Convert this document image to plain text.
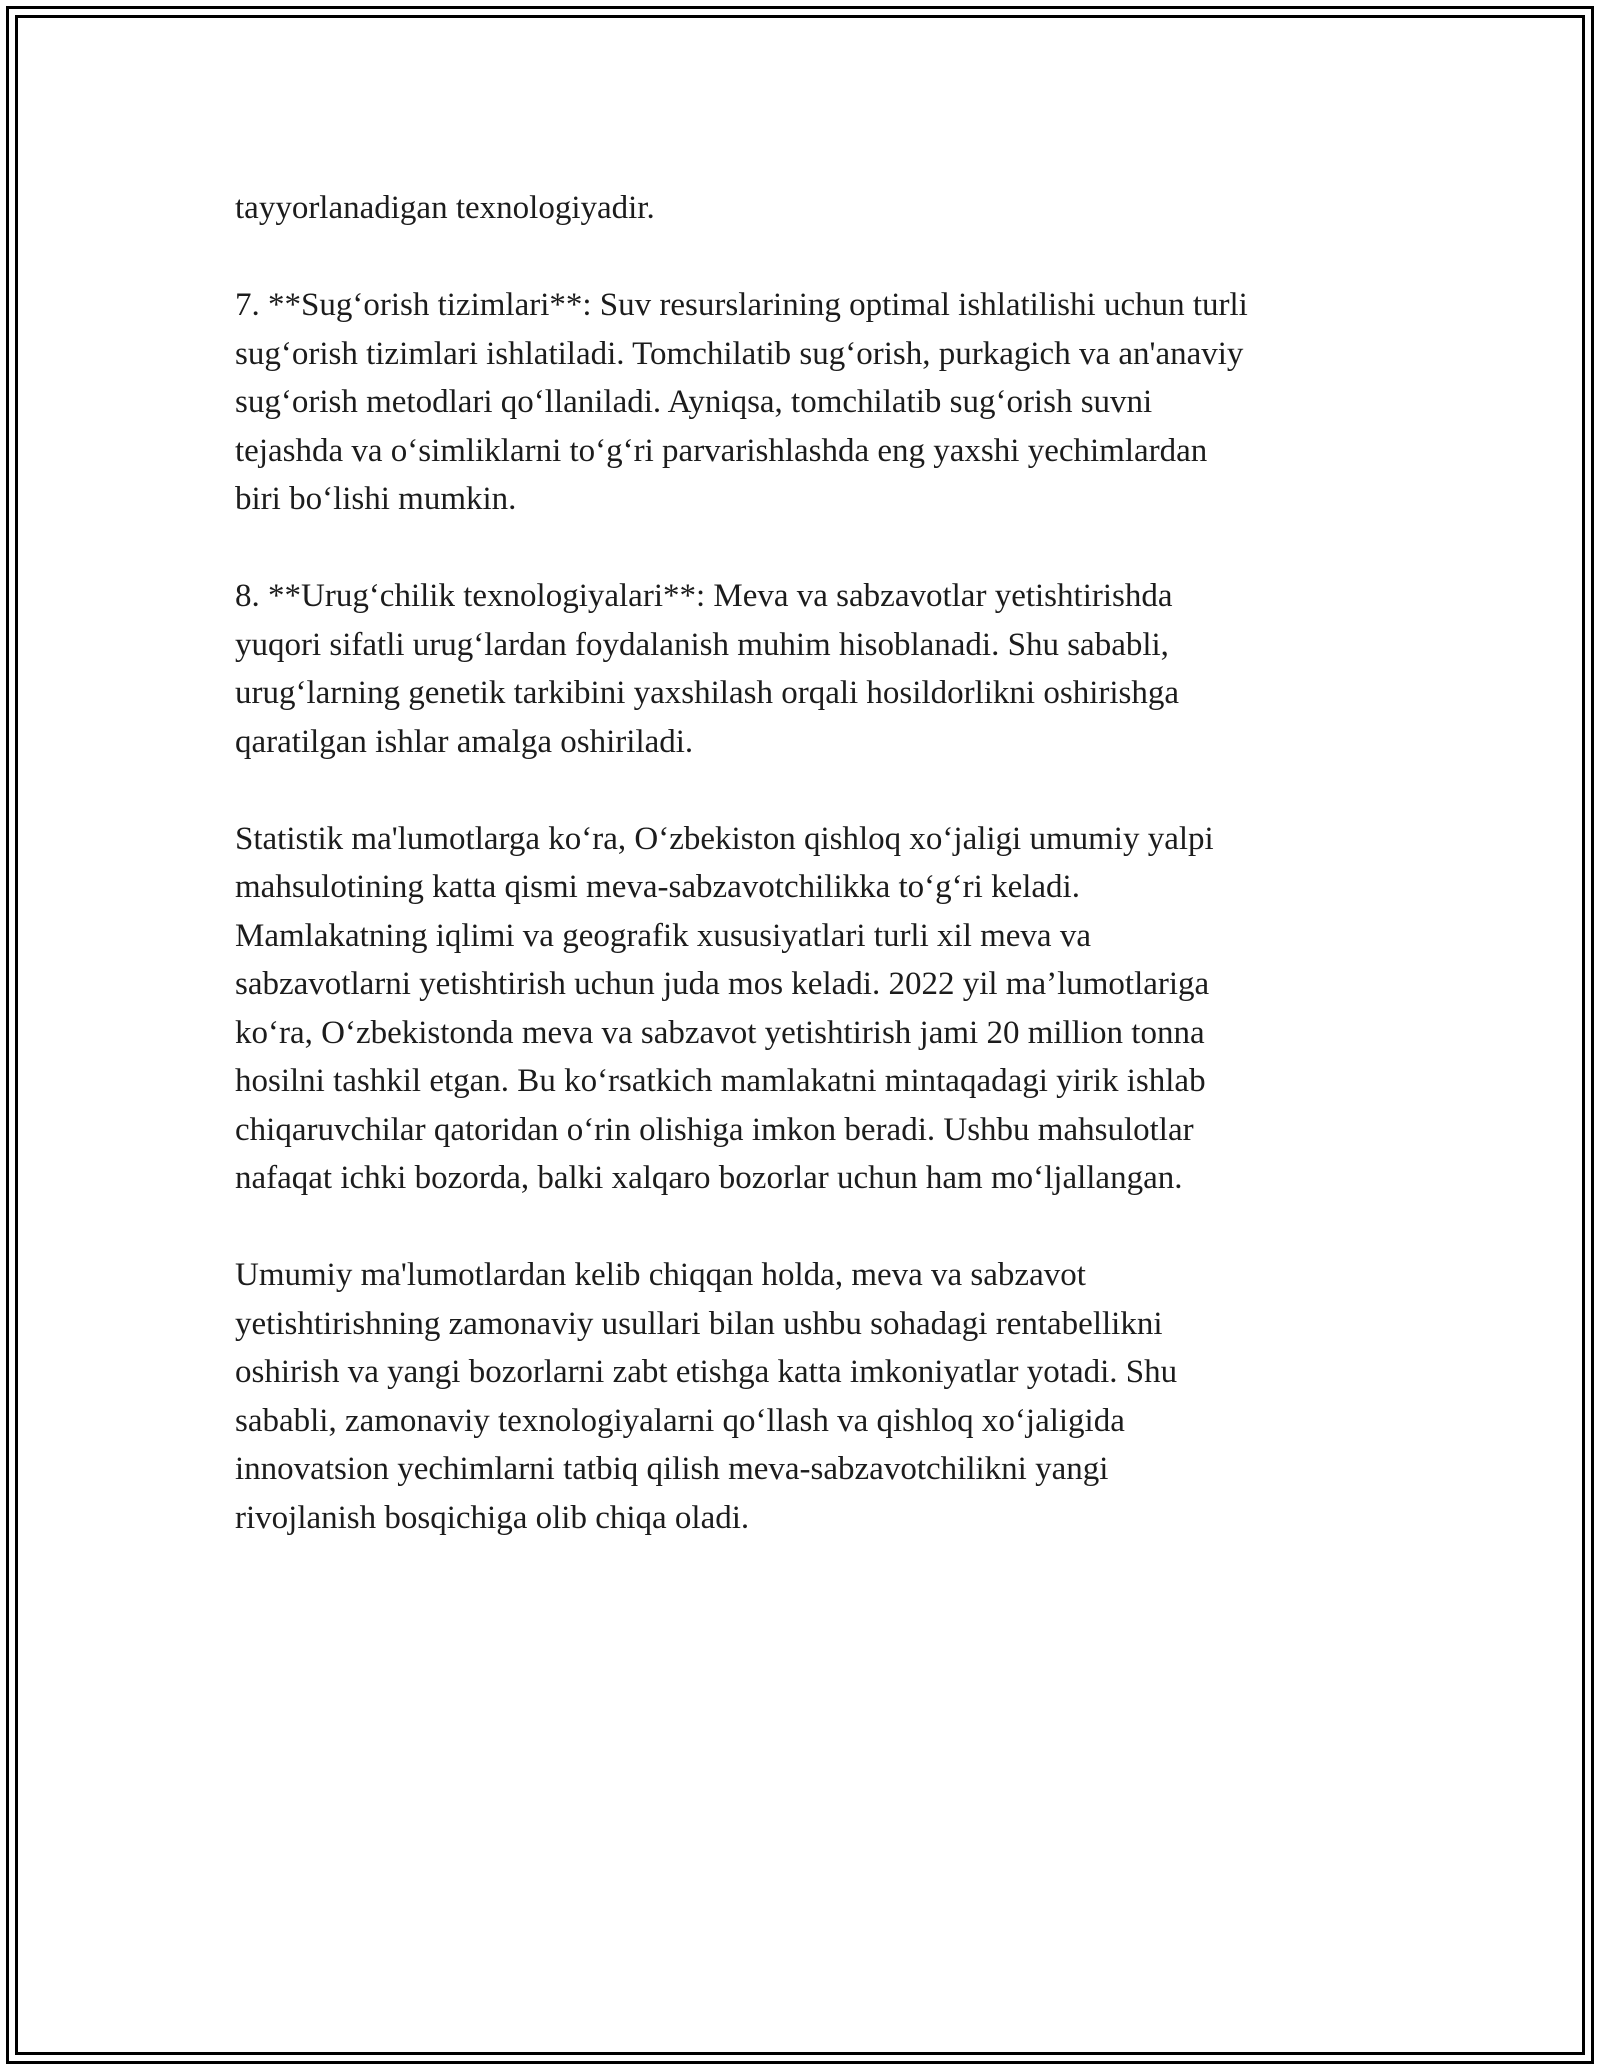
tayyorlanadigan texnologiyadir.

7. **Sug‘orish tizimlari**: Suv resurslarining optimal ishlatilishi uchun turli
sug‘orish tizimlari ishlatiladi. Tomchilatib sug‘orish, purkagich va an'anaviy
sug‘orish metodlari qo‘llaniladi. Ayniqsa, tomchilatib sug‘orish suvni
tejashda va o‘simliklarni to‘g‘ri parvarishlashda eng yaxshi yechimlardan
biri bo‘lishi mumkin.

8. **Urug‘chilik texnologiyalari**: Meva va sabzavotlar yetishtirishda
yuqori sifatli urug‘lardan foydalanish muhim hisoblanadi. Shu sababli,
urug‘larning genetik tarkibini yaxshilash orqali hosildorlikni oshirishga
qaratilgan ishlar amalga oshiriladi.

Statistik ma'lumotlarga ko‘ra, O‘zbekiston qishloq xo‘jaligi umumiy yalpi
mahsulotining katta qismi meva-sabzavotchilikka to‘g‘ri keladi.
Mamlakatning iqlimi va geografik xususiyatlari turli xil meva va
sabzavotlarni yetishtirish uchun juda mos keladi. 2022 yil ma’lumotlariga
ko‘ra, O‘zbekistonda meva va sabzavot yetishtirish jami 20 million tonna
hosilni tashkil etgan. Bu ko‘rsatkich mamlakatni mintaqadagi yirik ishlab
chiqaruvchilar qatoridan o‘rin olishiga imkon beradi. Ushbu mahsulotlar
nafaqat ichki bozorda, balki xalqaro bozorlar uchun ham mo‘ljallangan.

Umumiy ma'lumotlardan kelib chiqqan holda, meva va sabzavot
yetishtirishning zamonaviy usullari bilan ushbu sohadagi rentabellikni
oshirish va yangi bozorlarni zabt etishga katta imkoniyatlar yotadi. Shu
sababli, zamonaviy texnologiyalarni qo‘llash va qishloq xo‘jaligida
innovatsion yechimlarni tatbiq qilish meva-sabzavotchilikni yangi
rivojlanish bosqichiga olib chiqa oladi.
